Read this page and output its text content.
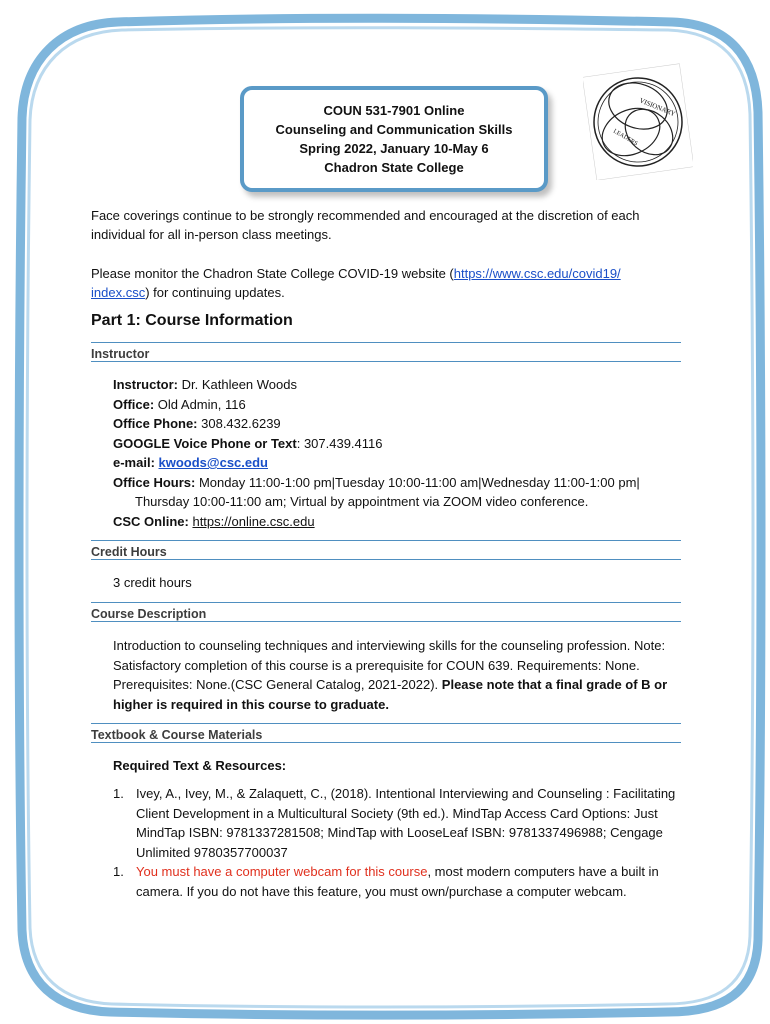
COUN 531-7901 Online
Counseling and Communication Skills
Spring 2022, January 10-May 6
Chadron State College
VISIONARY
LEADERS
Face coverings continue to be strongly recommended and encouraged at the discretion of each individual for all in-person class meetings.
Please monitor the Chadron State College COVID-19 website (https://www.csc.edu/covid19/
index.csc) for continuing updates.
Part 1: Course Information
Instructor
Instructor: Dr. Kathleen Woods
Office: Old Admin, 116
Office Phone: 308.432.6239
GOOGLE Voice Phone or Text: 307.439.4116
e-mail: kwoods@csc.edu
Office Hours: Monday 11:00-1:00 pm|Tuesday 10:00-11:00 am|Wednesday 11:00-1:00 pm| Thursday 10:00-11:00 am; Virtual by appointment via ZOOM video conference.
CSC Online: https://online.csc.edu
Credit Hours
3 credit hours
Course Description
Introduction to counseling techniques and interviewing skills for the counseling profession. Note: Satisfactory completion of this course is a prerequisite for COUN 639. Requirements: None. Prerequisites: None.(CSC General Catalog, 2021-2022). Please note that a final grade of B or higher is required in this course to graduate.
Textbook & Course Materials
Required Text & Resources:
1. Ivey, A., Ivey, M., & Zalaquett, C., (2018). Intentional Interviewing and Counseling : Facilitating Client Development in a Multicultural Society (9th ed.). MindTap Access Card Options: Just MindTap ISBN: 9781337281508; MindTap with LooseLeaf ISBN: 9781337496988; Cengage Unlimited 9780357700037
1. You must have a computer webcam for this course, most modern computers have a built in camera. If you do not have this feature, you must own/purchase a computer webcam.
